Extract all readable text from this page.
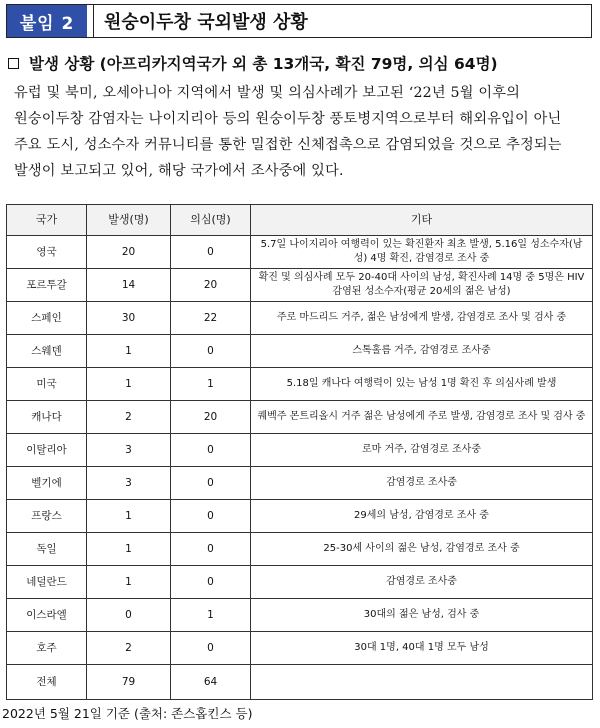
붙임 2	원숭이두창 국외발생 상황
발생 상황 (아프리카지역국가 외 총 13개국, 확진 79명, 의심 64명)
유럽 및 북미, 오세아니아 지역에서 발생 및 의심사례가 보고된 ‘22년 5월 이후의 원숭이두창 감염자는 나이지리아 등의 원숭이두창 풍토병지역으로부터 해외유입이 아닌 주요 도시, 성소수자 커뮤니티를 통한 밀접한 신체접촉으로 감염되었을 것으로 추정되는 발생이 보고되고 있어, 해당 국가에서 조사중에 있다.
국가	발생(명)	의심(명)	기타
영국	20	0	5.7일 나이지리아 여행력이 있는 확진환자 최초 발생, 5.16일 성소수자(남성) 4명 확진, 감염경로 조사 중
포르투갈	14	20	확진 및 의심사례 모두 20-40대 사이의 남성, 확진사례 14명 중 5명은 HIV 감염된 성소수자(평균 20세의 젊은 남성)
스페인	30	22	주로 마드리드 거주, 젊은 남성에게 발생, 감염경로 조사 및 검사 중
스웨덴	1	0	스톡홀름 거주, 감염경로 조사중
미국	1	1	5.18일 캐나다 여행력이 있는 남성 1명 확진 후 의심사례 발생
캐나다	2	20	퀘벡주 몬트리올시 거주 젊은 남성에게 주로 발생, 감염경로 조사 및 검사 중
이탈리아	3	0	로마 거주, 감염경로 조사중
벨기에	3	0	감염경로 조사중
프랑스	1	0	29세의 남성, 감염경로 조사 중
독일	1	0	25-30세 사이의 젊은 남성, 감염경로 조사 중
네덜란드	1	0	감염경로 조사중
이스라엘	0	1	30대의 젊은 남성, 검사 중
호주	2	0	30대 1명, 40대 1명 모두 남성
전체	79	64	
2022년 5월 21일 기준 (출처: 존스홉킨스 등)
